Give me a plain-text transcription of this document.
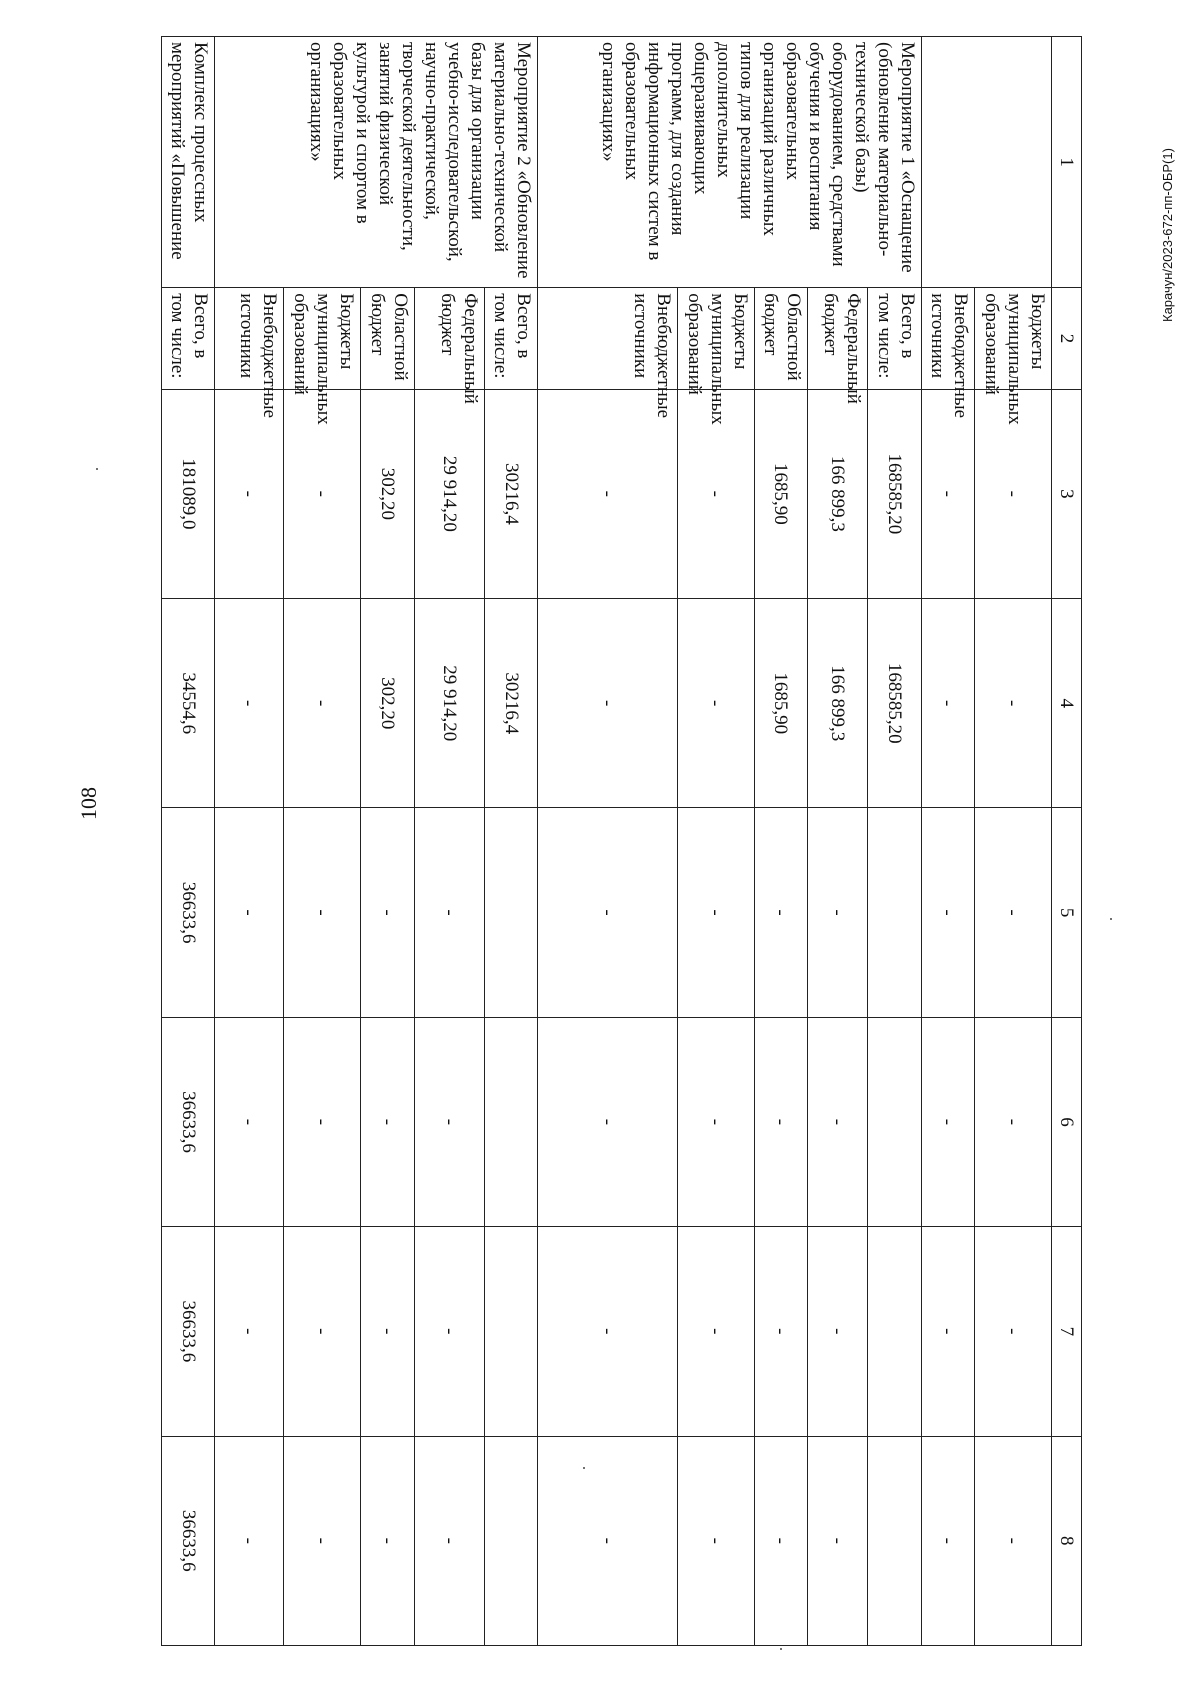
108
Карачун/2023-672-пп-ОБР(1)
1	2	3	4	5	6	7	8
	Бюджеты муниципальных образований	-	-	-	-	-	-
	Внебюджетные источники	-	-	-	-	-	-
Мероприятие 1 «Оснащение (обновление материально-технической базы) оборудованием, средствами обучения и воспитания образовательных организаций различных типов для реализации дополнительных общеразвивающих программ, для создания информационных систем в образовательных организациях»	Всего, в том числе:	168585,20	168585,20				
	Федеральный бюджет	166 899,3	166 899,3	-	-	-	-
	Областной бюджет	1685,90	1685,90	-	-	-	-
	Бюджеты муниципальных образований	-	-	-	-	-	-
	Внебюджетные источники	-	-	-	-	-	-
Мероприятие 2 «Обновление материально-технической базы для организации учебно-исследовательской, научно-практической, творческой деятельности, занятий физической культурой и спортом в образовательных организациях»	Всего, в том числе:	30216,4	30216,4				
	Федеральный бюджет	29 914,20	29 914,20	-	-	-	-
	Областной бюджет	302,20	302,20	-	-	-	-
	Бюджеты муниципальных образований	-	-	-	-	-	-
	Внебюджетные источники	-	-	-	-	-	-
Комплекс процессных мероприятий «Повышение	Всего, в том числе:	181089,0	34554,6	36633,6	36633,6	36633,6	36633,6
